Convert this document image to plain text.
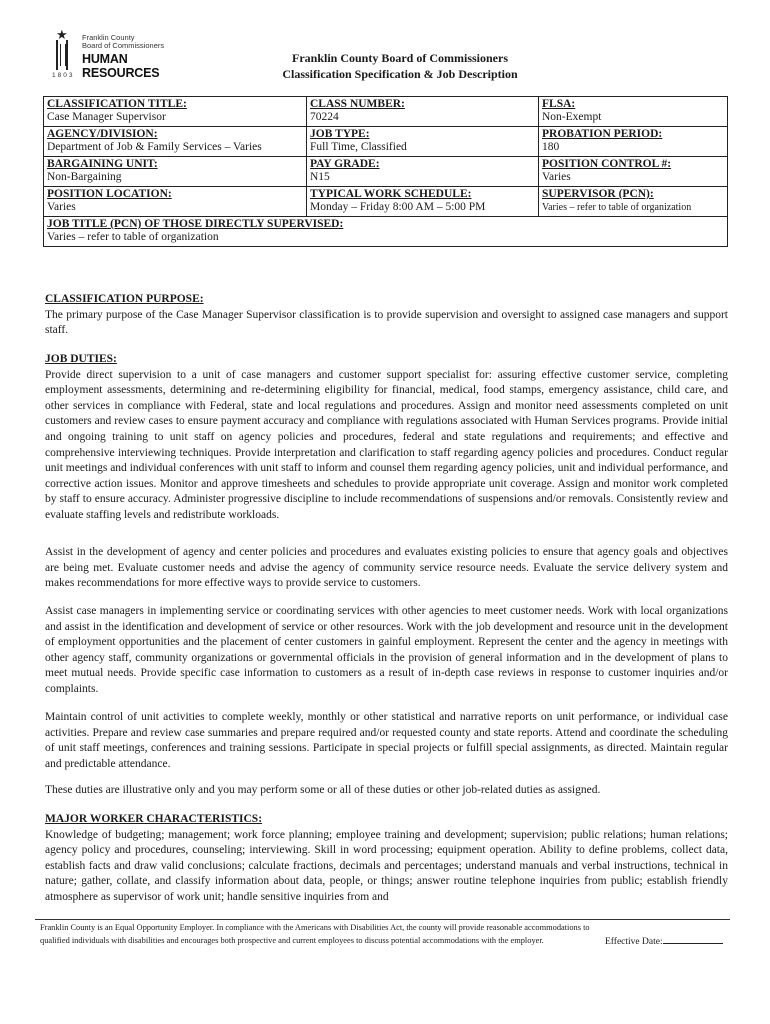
★ Franklin County
Board of Commissioners
HUMAN RESOURCES
1803
Franklin County Board of Commissioners
Classification Specification & Job Description
CLASSIFICATION TITLE:
Case Manager Supervisor	CLASS NUMBER:
70224	FLSA:
Non-Exempt

AGENCY/DIVISION:
Department of Job & Family Services – Varies	JOB TYPE:
Full Time, Classified	PROBATION PERIOD:
180

BARGAINING UNIT:
Non-Bargaining	PAY GRADE:
N15	POSITION CONTROL #:
Varies

POSITION LOCATION:
Varies	TYPICAL WORK SCHEDULE:
Monday – Friday 8:00 AM – 5:00 PM	SUPERVISOR (PCN):
Varies – refer to table of organization

JOB TITLE (PCN) OF THOSE DIRECTLY SUPERVISED:
Varies – refer to table of organization		
CLASSIFICATION PURPOSE:

The primary purpose of the Case Manager Supervisor classification is to provide supervision and oversight to assigned case managers and support staff.

JOB DUTIES:

Provide direct supervision to a unit of case managers and customer support specialist for: assuring effective customer service, completing employment assessments, determining and re-determining eligibility for financial, medical, food stamps, emergency assistance, child care, and other services in compliance with Federal, state and local regulations and procedures. Assign and monitor need assessments completed on unit customers and review cases to ensure payment accuracy and compliance with regulations associated with Human Services programs. Provide initial and ongoing training to unit staff on agency policies and procedures, federal and state regulations and requirements; and effective and comprehensive interviewing techniques. Provide interpretation and clarification to staff regarding agency policies and procedures. Conduct regular unit meetings and individual conferences with unit staff to inform and counsel them regarding agency policies, unit and individual performance, and corrective action issues. Monitor and approve timesheets and schedules to provide appropriate unit coverage. Assign and monitor work completed by staff to ensure accuracy. Administer progressive discipline to include recommendations of suspensions and/or removals. Consistently review and evaluate staffing levels and redistribute workloads.

Assist in the development of agency and center policies and procedures and evaluates existing policies to ensure that agency goals and objectives are being met. Evaluate customer needs and advise the agency of community service resource needs. Evaluate the service delivery system and makes recommendations for more effective ways to provide service to customers.

Assist case managers in implementing service or coordinating services with other agencies to meet customer needs. Work with local organizations and assist in the identification and development of service or other resources. Work with the job development and resource unit in the development of employment opportunities and the placement of center customers in gainful employment. Represent the center and the agency in meetings with other agency staff, community organizations or governmental officials in the provision of general information and in the development of plans to meet mutual needs. Provide specific case information to customers as a result of in-depth case reviews in response to customer inquiries and/or complaints.

Maintain control of unit activities to complete weekly, monthly or other statistical and narrative reports on unit performance, or individual case activities. Prepare and review case summaries and prepare required and/or requested county and state reports. Attend and coordinate the scheduling of unit staff meetings, conferences and training sessions. Participate in special projects or fulfill special assignments, as directed. Maintain regular and predictable attendance.

These duties are illustrative only and you may perform some or all of these duties or other job-related duties as assigned.

MAJOR WORKER CHARACTERISTICS:

Knowledge of budgeting; management; work force planning; employee training and development; supervision; public relations; human relations; agency policy and procedures, counseling; interviewing. Skill in word processing; equipment operation. Ability to define problems, collect data, establish facts and draw valid conclusions; calculate fractions, decimals and percentages; understand manuals and verbal instructions, technical in nature; gather, collate, and classify information about data, people, or things; answer routine telephone inquiries from public; establish friendly atmosphere as supervisor of work unit; handle sensitive inquiries from and

Franklin County is an Equal Opportunity Employer. In compliance with the Americans with Disabilities Act, the county will provide reasonable accommodations to qualified individuals with disabilities and encourages both prospective and current employees to discuss potential accommodations with the employer.	Effective Date:
